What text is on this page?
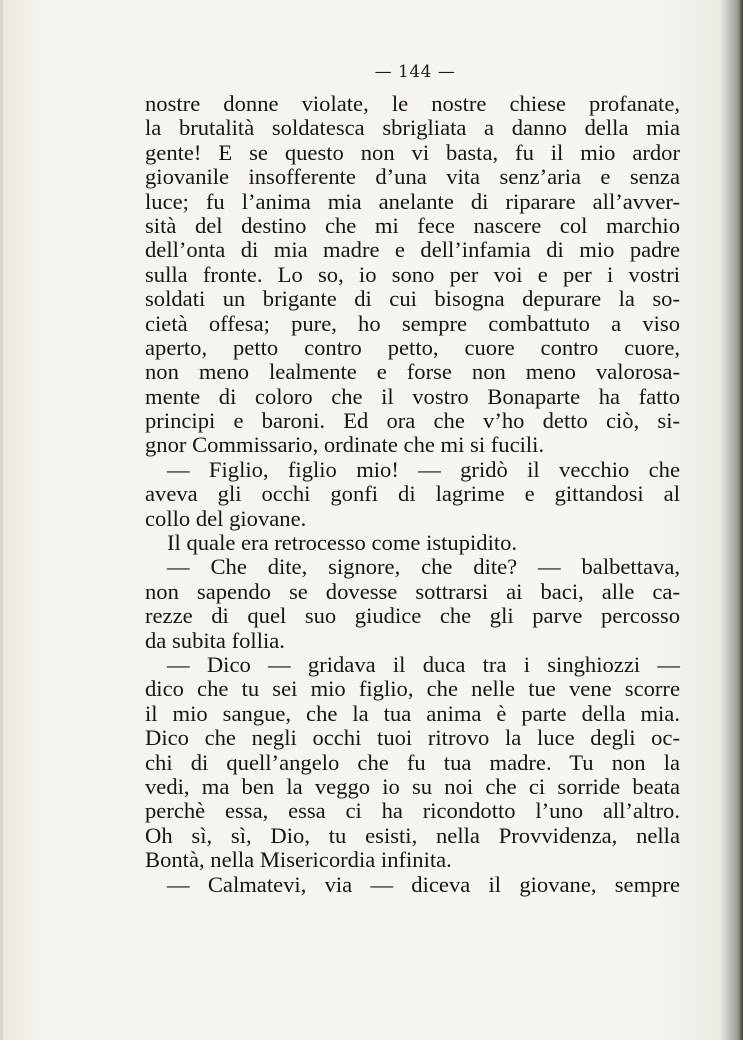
— 144 —
nostre donne violate, le nostre chiese profanate,
la brutalità soldatesca sbrigliata a danno della mia
gente! E se questo non vi basta, fu il mio ardor
giovanile insofferente d’una vita senz’aria e senza
luce; fu l’anima mia anelante di riparare all’avver-
sità del destino che mi fece nascere col marchio
dell’onta di mia madre e dell’infamia di mio padre
sulla fronte. Lo so, io sono per voi e per i vostri
soldati un brigante di cui bisogna depurare la so-
cietà offesa; pure, ho sempre combattuto a viso
aperto, petto contro petto, cuore contro cuore,
non meno lealmente e forse non meno valorosa-
mente di coloro che il vostro Bonaparte ha fatto
principi e baroni. Ed ora che v’ho detto ciò, si-
gnor Commissario, ordinate che mi si fucili.
— Figlio, figlio mio! — gridò il vecchio che
aveva gli occhi gonfi di lagrime e gittandosi al
collo del giovane.
Il quale era retrocesso come istupidito.
— Che dite, signore, che dite? — balbettava,
non sapendo se dovesse sottrarsi ai baci, alle ca-
rezze di quel suo giudice che gli parve percosso
da subita follia.
— Dico — gridava il duca tra i singhiozzi —
dico che tu sei mio figlio, che nelle tue vene scorre
il mio sangue, che la tua anima è parte della mia.
Dico che negli occhi tuoi ritrovo la luce degli oc-
chi di quell’angelo che fu tua madre. Tu non la
vedi, ma ben la veggo io su noi che ci sorride beata
perchè essa, essa ci ha ricondotto l’uno all’altro.
Oh sì, sì, Dio, tu esisti, nella Provvidenza, nella
Bontà, nella Misericordia infinita.
— Calmatevi, via — diceva il giovane, sempre
